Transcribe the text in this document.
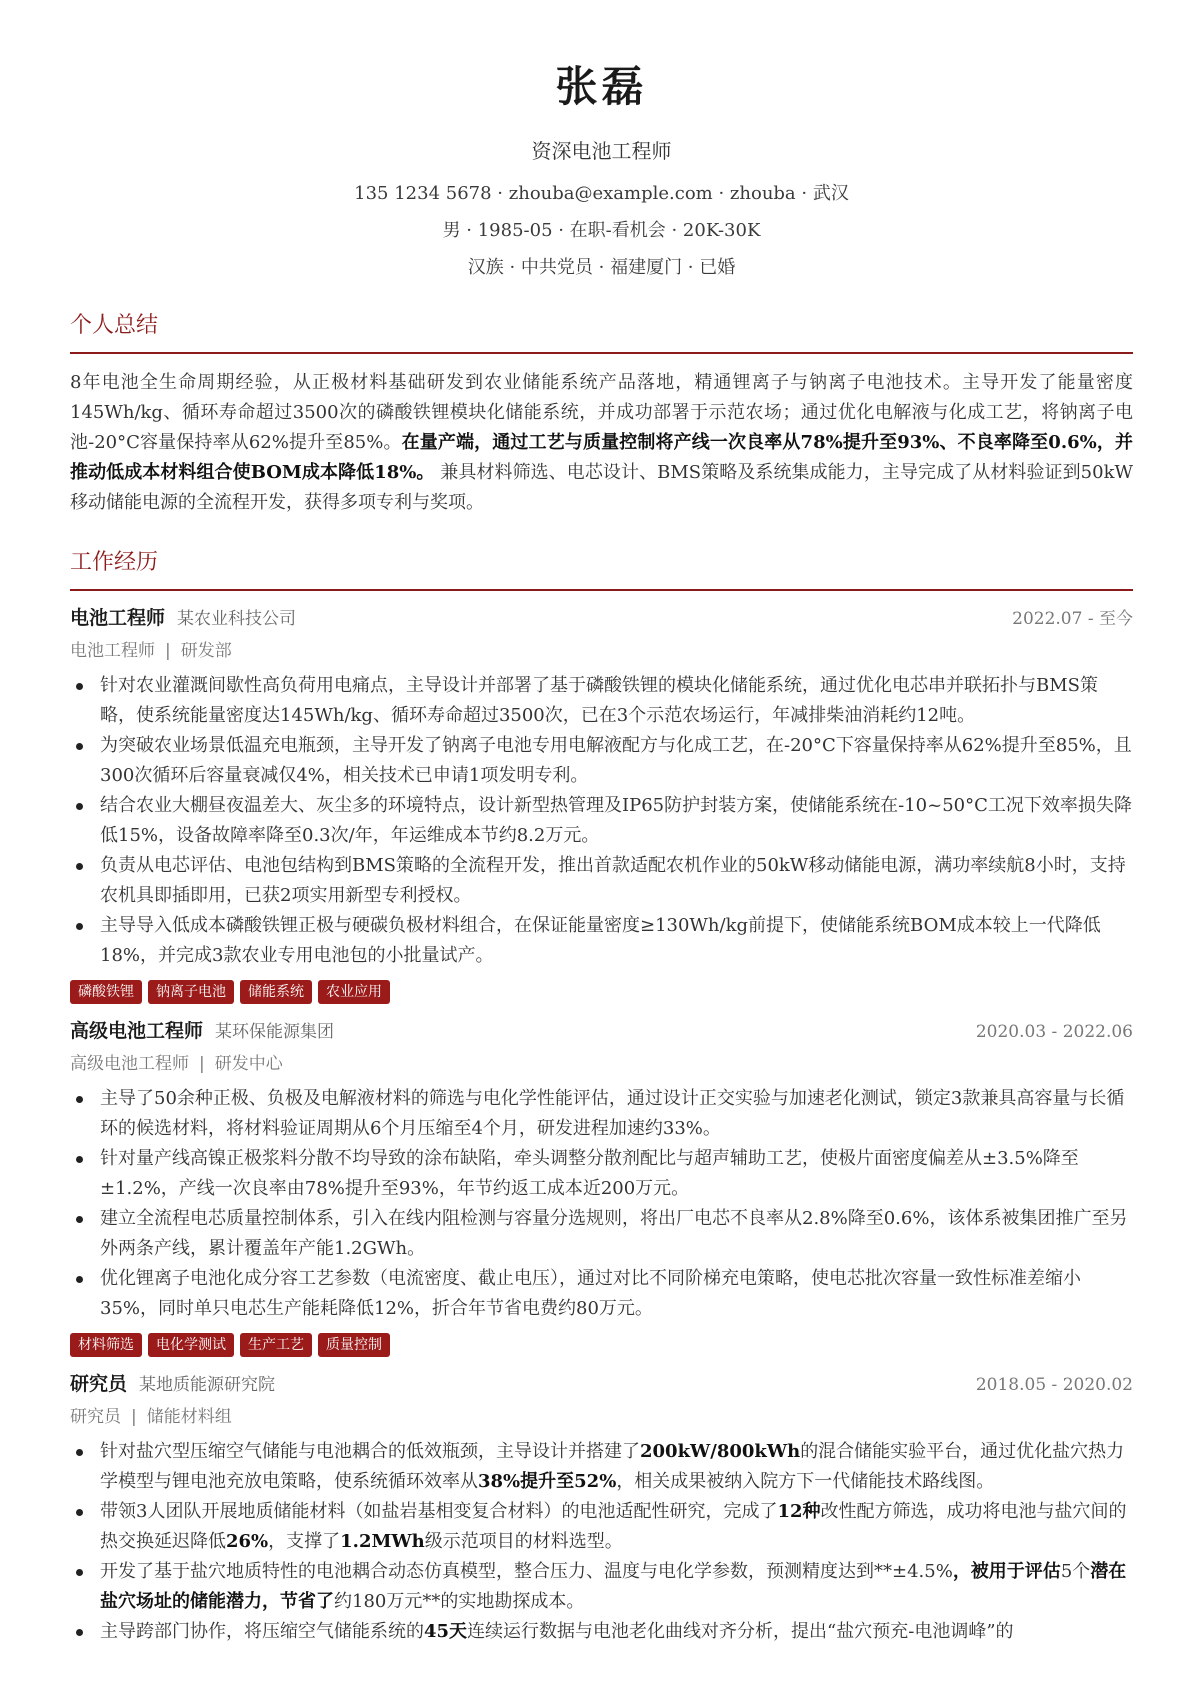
张磊
资深电池工程师
135 1234 5678 · zhouba@example.com · zhouba · 武汉
男 · 1985-05 · 在职-看机会 · 20K-30K
汉族 · 中共党员 · 福建厦门 · 已婚
个人总结
8年电池全生命周期经验，从正极材料基础研发到农业储能系统产品落地，精通锂离子与钠离子电池技术。主导开发了能量密度145Wh/kg、循环寿命超过3500次的磷酸铁锂模块化储能系统，并成功部署于示范农场；通过优化电解液与化成工艺，将钠离子电池-20°C容量保持率从62%提升至85%。在量产端，通过工艺与质量控制将产线一次良率从78%提升至93%、不良率降至0.6%，并推动低成本材料组合使BOM成本降低18%。 兼具材料筛选、电芯设计、BMS策略及系统集成能力，主导完成了从材料验证到50kW移动储能电源的全流程开发，获得多项专利与奖项。
工作经历
电池工程师 某农业科技公司	2022.07 - 至今
电池工程师 | 研发部
针对农业灌溉间歇性高负荷用电痛点，主导设计并部署了基于磷酸铁锂的模块化储能系统，通过优化电芯串并联拓扑与BMS策略，使系统能量密度达145Wh/kg、循环寿命超过3500次，已在3个示范农场运行，年减排柴油消耗约12吨。
为突破农业场景低温充电瓶颈，主导开发了钠离子电池专用电解液配方与化成工艺，在-20°C下容量保持率从62%提升至85%，且300次循环后容量衰减仅4%，相关技术已申请1项发明专利。
结合农业大棚昼夜温差大、灰尘多的环境特点，设计新型热管理及IP65防护封装方案，使储能系统在-10~50°C工况下效率损失降低15%，设备故障率降至0.3次/年，年运维成本节约8.2万元。
负责从电芯评估、电池包结构到BMS策略的全流程开发，推出首款适配农机作业的50kW移动储能电源，满功率续航8小时，支持农机具即插即用，已获2项实用新型专利授权。
主导导入低成本磷酸铁锂正极与硬碳负极材料组合，在保证能量密度≥130Wh/kg前提下，使储能系统BOM成本较上一代降低18%，并完成3款农业专用电池包的小批量试产。
磷酸铁锂	钠离子电池	储能系统	农业应用
高级电池工程师 某环保能源集团	2020.03 - 2022.06
高级电池工程师 | 研发中心
主导了50余种正极、负极及电解液材料的筛选与电化学性能评估，通过设计正交实验与加速老化测试，锁定3款兼具高容量与长循环的候选材料，将材料验证周期从6个月压缩至4个月，研发进程加速约33%。
针对量产线高镍正极浆料分散不均导致的涂布缺陷，牵头调整分散剂配比与超声辅助工艺，使极片面密度偏差从±3.5%降至±1.2%，产线一次良率由78%提升至93%，年节约返工成本近200万元。
建立全流程电芯质量控制体系，引入在线内阻检测与容量分选规则，将出厂电芯不良率从2.8%降至0.6%，该体系被集团推广至另外两条产线，累计覆盖年产能1.2GWh。
优化锂离子电池化成分容工艺参数（电流密度、截止电压），通过对比不同阶梯充电策略，使电芯批次容量一致性标准差缩小35%，同时单只电芯生产能耗降低12%，折合年节省电费约80万元。
材料筛选	电化学测试	生产工艺	质量控制
研究员 某地质能源研究院	2018.05 - 2020.02
研究员 | 储能材料组
针对盐穴型压缩空气储能与电池耦合的低效瓶颈，主导设计并搭建了200kW/800kWh的混合储能实验平台，通过优化盐穴热力学模型与锂电池充放电策略，使系统循环效率从38%提升至52%，相关成果被纳入院方下一代储能技术路线图。
带领3人团队开展地质储能材料（如盐岩基相变复合材料）的电池适配性研究，完成了12种改性配方筛选，成功将电池与盐穴间的热交换延迟降低26%，支撑了1.2MWh级示范项目的材料选型。
开发了基于盐穴地质特性的电池耦合动态仿真模型，整合压力、温度与电化学参数，预测精度达到**±4.5%，被用于评估5个潜在盐穴场址的储能潜力，节省了约180万元**的实地勘探成本。
主导跨部门协作，将压缩空气储能系统的45天连续运行数据与电池老化曲线对齐分析，提出“盐穴预充-电池调峰”的
